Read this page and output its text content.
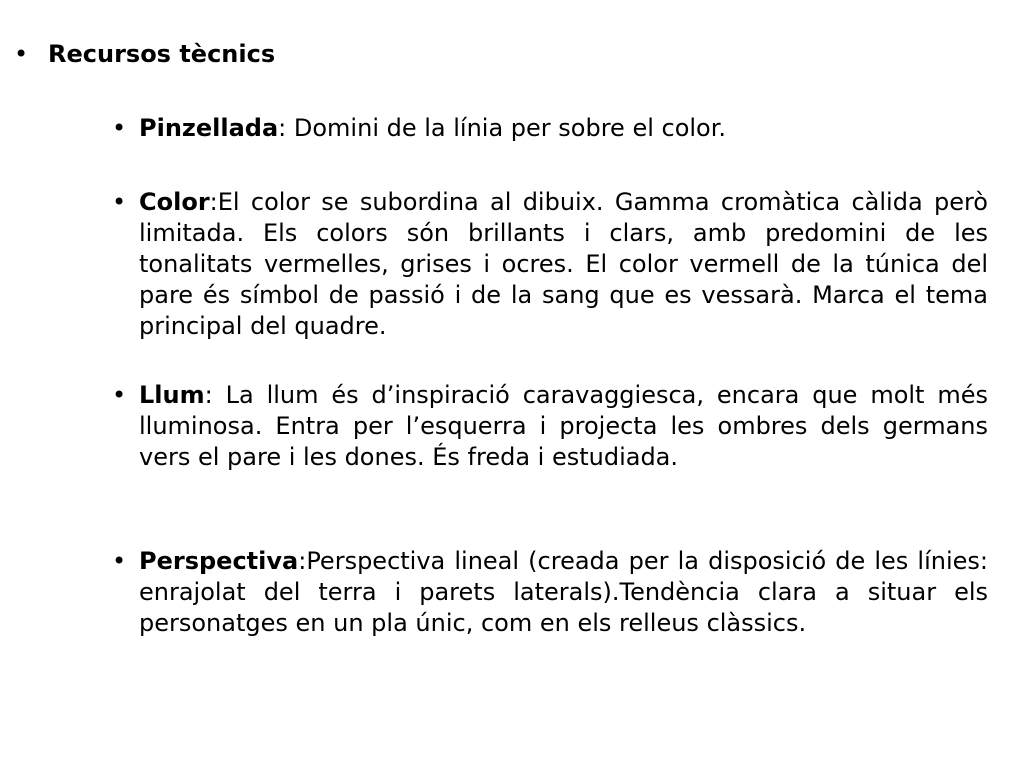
• Recursos tècnics
• Pinzellada: Domini de la línia per sobre el color.
• Color:El color se subordina al dibuix. Gamma cromàtica càlida però limitada. Els colors són brillants i clars, amb predomini de les tonalitats vermelles, grises i ocres. El color vermell de la túnica del pare és símbol de passió i de la sang que es vessarà. Marca el tema principal del quadre.
• Llum: La llum és d’inspiració caravaggiesca, encara que molt més lluminosa. Entra per l’esquerra i projecta les ombres dels germans vers el pare i les dones. És freda i estudiada.
• Perspectiva:Perspectiva lineal (creada per la disposició de les línies: enrajolat del terra i parets laterals).Tendència clara a situar els personatges en un pla únic, com en els relleus clàssics.
